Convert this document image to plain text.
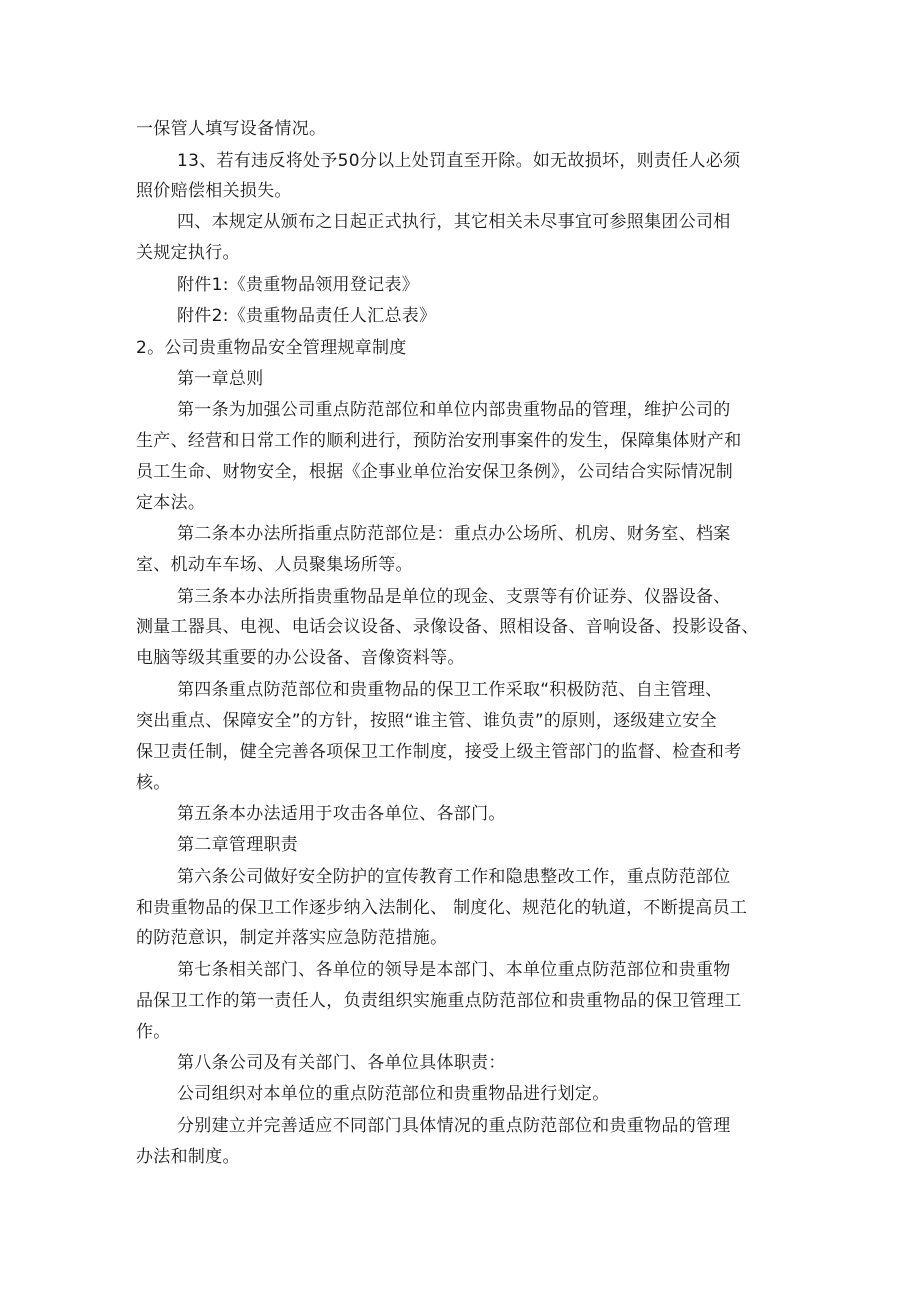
一保管人填写设备情况。
13、若有违反将处予50分以上处罚直至开除。如无故损坏，则责任人必须
照价赔偿相关损失。
四、本规定从颁布之日起正式执行，其它相关未尽事宜可参照集团公司相
关规定执行。
附件1:《贵重物品领用登记表》
附件2:《贵重物品责任人汇总表》
2。公司贵重物品安全管理规章制度
第一章总则
第一条为加强公司重点防范部位和单位内部贵重物品的管理，维护公司的
生产、经营和日常工作的顺利进行，预防治安刑事案件的发生，保障集体财产和
员工生命、财物安全，根据《企事业单位治安保卫条例》，公司结合实际情况制
定本法。
第二条本办法所指重点防范部位是：重点办公场所、机房、财务室、档案
室、机动车车场、人员聚集场所等。
第三条本办法所指贵重物品是单位的现金、支票等有价证券、仪器设备、
测量工器具、电视、电话会议设备、录像设备、照相设备、音响设备、投影设备、
电脑等级其重要的办公设备、音像资料等。
第四条重点防范部位和贵重物品的保卫工作采取“积极防范、自主管理、
突出重点、保障安全”的方针，按照“谁主管、谁负责”的原则，逐级建立安全
保卫责任制，健全完善各项保卫工作制度，接受上级主管部门的监督、检查和考
核。
第五条本办法适用于攻击各单位、各部门。
第二章管理职责
第六条公司做好安全防护的宣传教育工作和隐患整改工作，重点防范部位
和贵重物品的保卫工作逐步纳入法制化、 制度化、规范化的轨道，不断提高员工
的防范意识，制定并落实应急防范措施。
第七条相关部门、各单位的领导是本部门、本单位重点防范部位和贵重物
品保卫工作的第一责任人，负责组织实施重点防范部位和贵重物品的保卫管理工
作。
第八条公司及有关部门、各单位具体职责：
公司组织对本单位的重点防范部位和贵重物品进行划定。
分别建立并完善适应不同部门具体情况的重点防范部位和贵重物品的管理
办法和制度。
